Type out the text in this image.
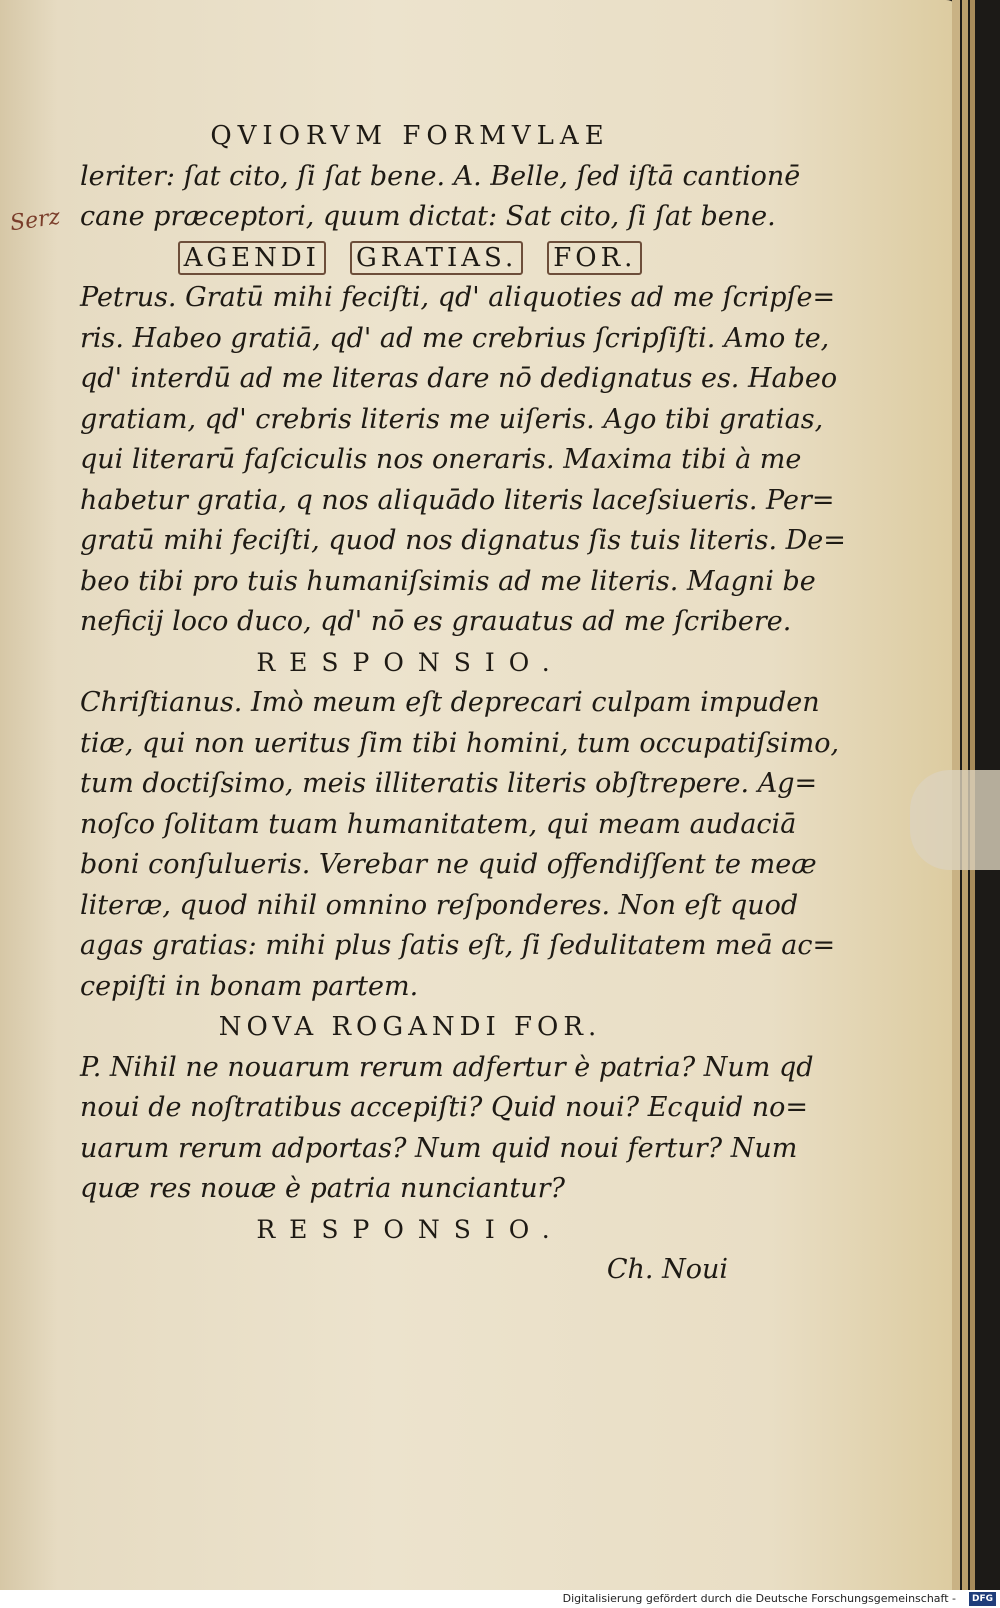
Serz
QVIORVM FORMVLAE
leriter: ſat cito, ſi ſat bene. A. Belle, ſed iſtā cantionē
cane præceptori, quum dictat: Sat cito, ſi ſat bene.
AGENDI GRATIAS. FOR.
Petrus. Gratū mihi feciſti, qd' aliquoties ad me ſcripſe=
ris. Habeo gratiā, qd' ad me crebrius ſcripſiſti. Amo te,
qd' interdū ad me literas dare nō dedignatus es. Habeo
gratiam, qd' crebris literis me uiſeris. Ago tibi gratias,
qui literarū faſciculis nos oneraris. Maxima tibi à me
habetur gratia, q nos aliquādo literis laceſsiueris. Per=
gratū mihi feciſti, quod nos dignatus ſis tuis literis. De=
beo tibi pro tuis humaniſsimis ad me literis. Magni be
neficij loco duco, qd' nō es grauatus ad me ſcribere.
RESPONSIO.
Chriſtianus. Imò meum eſt deprecari culpam impuden
tiæ, qui non ueritus ſim tibi homini, tum occupatiſsimo,
tum doctiſsimo, meis illiteratis literis obſtrepere. Ag=
noſco ſolitam tuam humanitatem, qui meam audaciā
boni conſulueris. Verebar ne quid offendiſſent te meæ
literæ, quod nihil omnino reſponderes. Non eſt quod
agas gratias: mihi plus ſatis eſt, ſi ſedulitatem meā ac=
cepiſti in bonam partem.
NOVA ROGANDI FOR.
P. Nihil ne nouarum rerum adfertur è patria? Num qd
noui de noſtratibus accepiſti? Quid noui? Ecquid no=
uarum rerum adportas? Num quid noui fertur? Num
quæ res nouæ è patria nunciantur?
RESPONSIO.
Ch. Noui
Digitalisierung gefördert durch die Deutsche Forschungsgemeinschaft -	DFG
